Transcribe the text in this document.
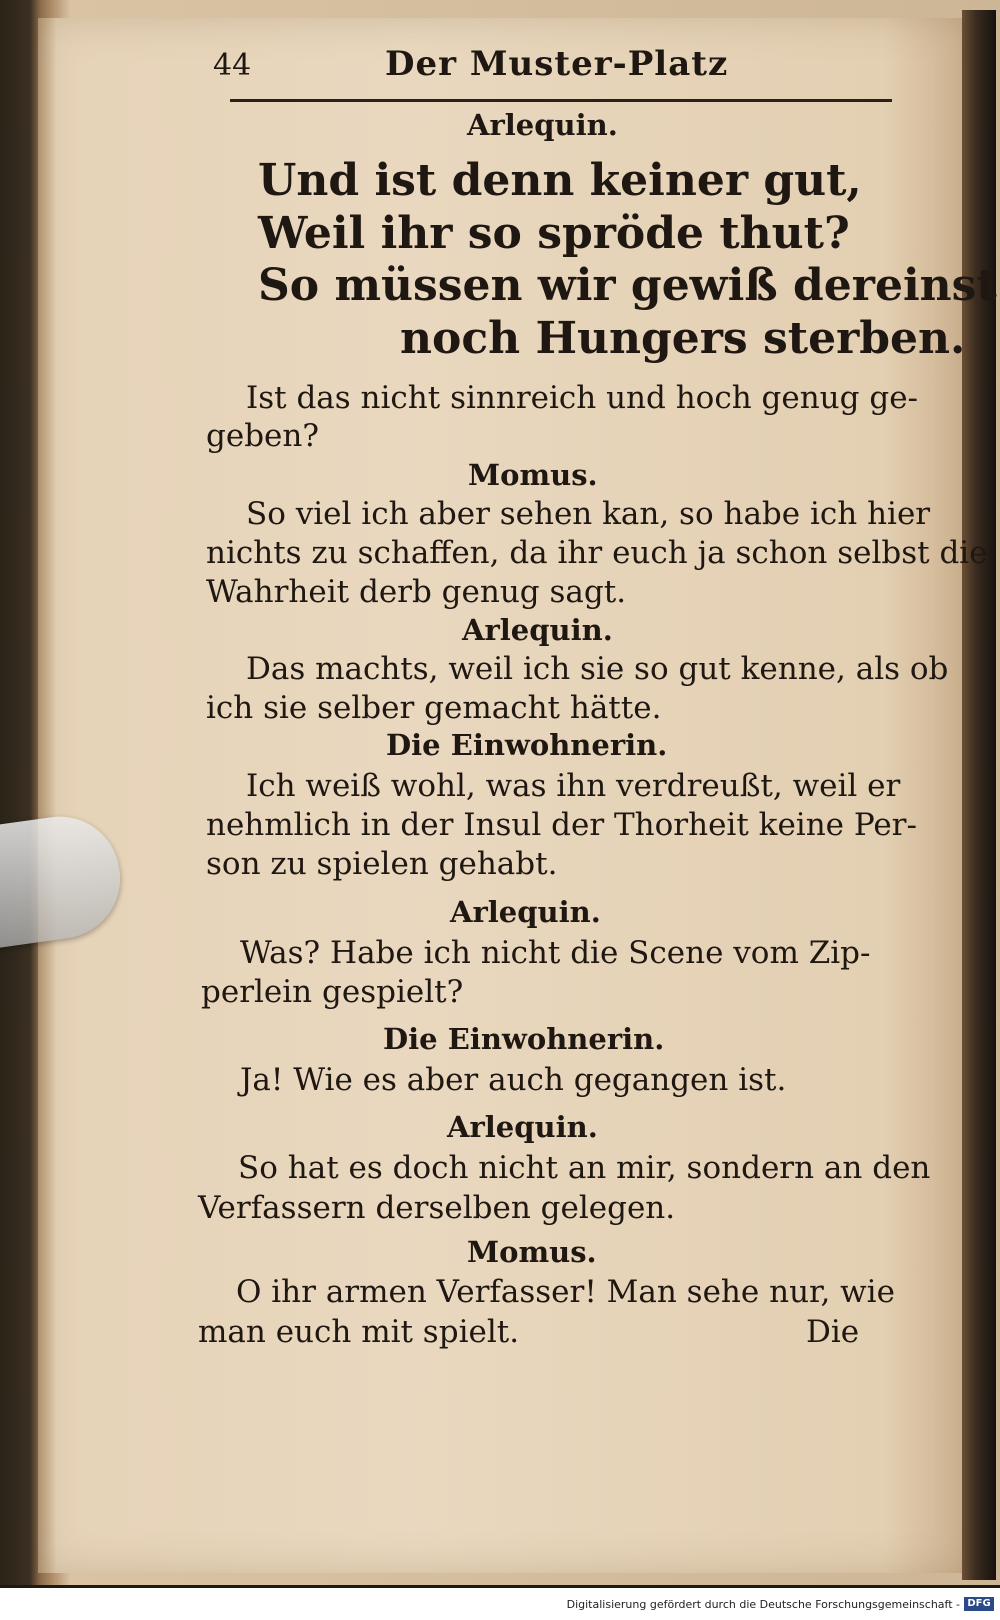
44	Der Muster-Platz
Arlequin.
Und ist denn keiner gut,
Weil ihr so spröde thut?
So müssen wir gewiß dereinst
noch Hungers sterben.
Ist das nicht sinnreich und hoch genug ge-
geben?
Momus.
So viel ich aber sehen kan, so habe ich hier
nichts zu schaffen, da ihr euch ja schon selbst die
Wahrheit derb genug sagt.
Arlequin.
Das machts, weil ich sie so gut kenne, als ob
ich sie selber gemacht hätte.
Die Einwohnerin.
Ich weiß wohl, was ihn verdreußt, weil er
nehmlich in der Insul der Thorheit keine Per-
son zu spielen gehabt.
Arlequin.
Was? Habe ich nicht die Scene vom Zip-
perlein gespielt?
Die Einwohnerin.
Ja! Wie es aber auch gegangen ist.
Arlequin.
So hat es doch nicht an mir, sondern an den
Verfassern derselben gelegen.
Momus.
O ihr armen Verfasser! Man sehe nur, wie
man euch mit spielt.	Die
Digitalisierung gefördert durch die Deutsche Forschungsgemeinschaft - DFG
